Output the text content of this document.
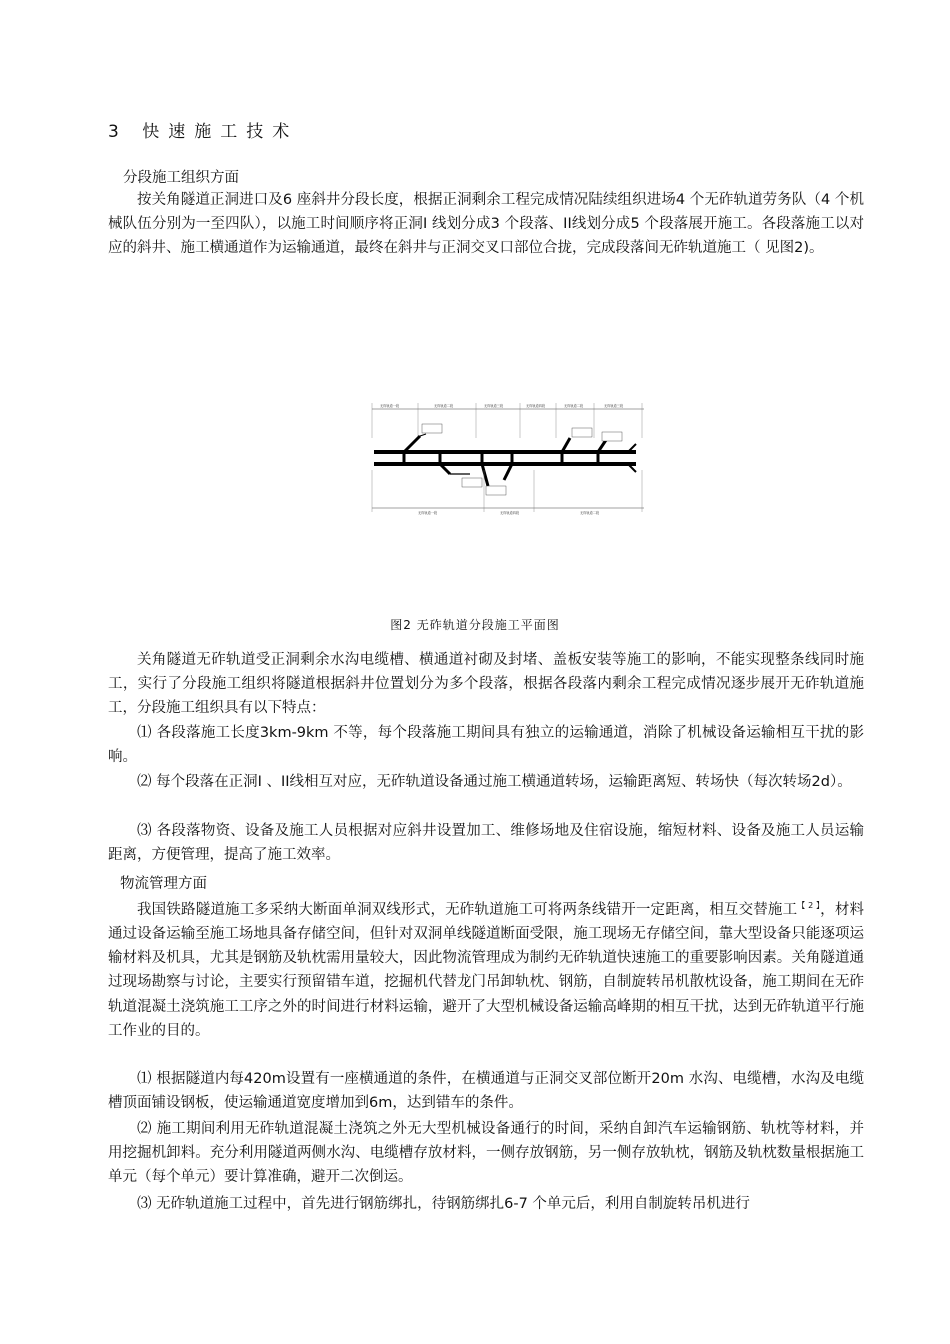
3 快速施工技术
分段施工组织方面

按关角隧道正洞进口及6 座斜井分段长度，根据正洞剩余工程完成情况陆续组织进场4 个无砟轨道劳务队（4 个机械队伍分别为一至四队），以施工时间顺序将正洞I 线划分成3 个段落、II线划分成5 个段落展开施工。各段落施工以对应的斜井、施工横通道作为运输通道，最终在斜井与正洞交叉口部位合拢，完成段落间无砟轨道施工（ 见图2)。

无砟轨道一段	无砟轨道二段	无砟轨道三段	无砟轨道四段	无砟轨道二段	无砟轨道三段
无砟轨道一段	无砟轨道四段	无砟轨道二段
图2 无砟轨道分段施工平面图

关角隧道无砟轨道受正洞剩余水沟电缆槽、横通道衬砌及封堵、盖板安装等施工的影响，不能实现整条线同时施工，实行了分段施工组织将隧道根据斜井位置划分为多个段落，根据各段落内剩余工程完成情况逐步展开无砟轨道施工，分段施工组织具有以下特点：

⑴ 各段落施工长度3km-9km 不等，每个段落施工期间具有独立的运输通道，消除了机械设备运输相互干扰的影响。

⑵ 每个段落在正洞I 、II线相互对应，无砟轨道设备通过施工横通道转场，运输距离短、转场快（每次转场2d）。

⑶ 各段落物资、设备及施工人员根据对应斜井设置加工、维修场地及住宿设施，缩短材料、设备及施工人员运输距离，方便管理，提高了施工效率。

物流管理方面

我国铁路隧道施工多采纳大断面单洞双线形式，无砟轨道施工可将两条线错开一定距离，相互交替施工$^{【 2 】}$，材料通过设备运输至施工场地具备存储空间，但针对双洞单线隧道断面受限，施工现场无存储空间，靠大型设备只能逐项运输材料及机具，尤其是钢筋及轨枕需用量较大，因此物流管理成为制约无砟轨道快速施工的重要影响因素。关角隧道通过现场勘察与讨论，主要实行预留错车道，挖掘机代替龙门吊卸轨枕、钢筋，自制旋转吊机散枕设备，施工期间在无砟轨道混凝土浇筑施工工序之外的时间进行材料运输，避开了大型机械设备运输高峰期的相互干扰，达到无砟轨道平行施工作业的目的。

⑴ 根据隧道内每420m设置有一座横通道的条件，在横通道与正洞交叉部位断开20m 水沟、电缆槽，水沟及电缆槽顶面铺设钢板，使运输通道宽度增加到6m，达到错车的条件。

⑵ 施工期间利用无砟轨道混凝土浇筑之外无大型机械设备通行的时间，采纳自卸汽车运输钢筋、轨枕等材料，并用挖掘机卸料。充分利用隧道两侧水沟、电缆槽存放材料，一侧存放钢筋，另一侧存放轨枕，钢筋及轨枕数量根据施工单元（每个单元）要计算准确，避开二次倒运。

⑶ 无砟轨道施工过程中，首先进行钢筋绑扎，待钢筋绑扎6-7 个单元后，利用自制旋转吊机进行
